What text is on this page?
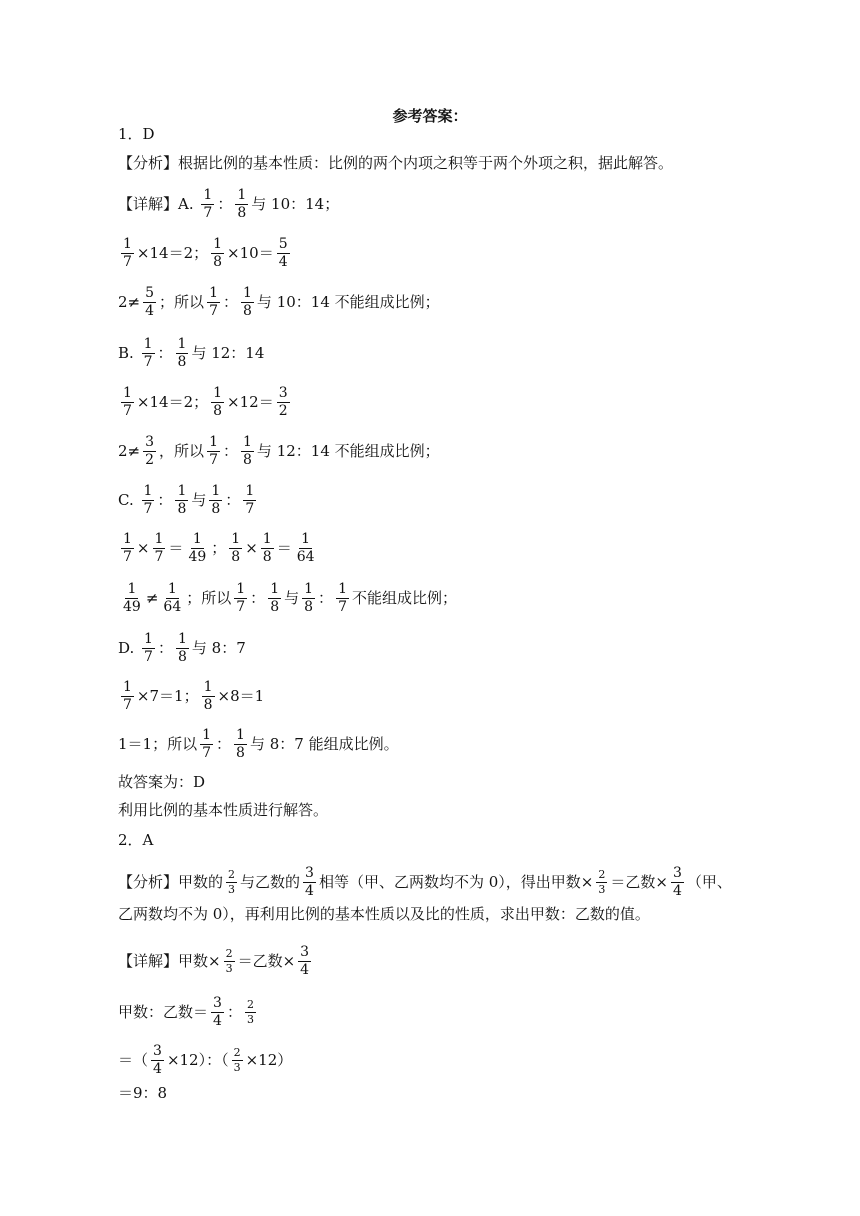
参考答案：
1．D
【分析】 根据比例的基本性质：比例的两个内项之积等于两个外项之积，据此解答。
【详解】 A.
$\frac{1}{7}$ ： $\frac{1}{8}$ 与 10：14；
$\frac{1}{7} \times 14=2$； $\frac{1}{8} \times 10= \frac{5}{4}$
$2\ne \frac{5}{4}$ ；所以 $\frac{1}{7}$ ： $\frac{1}{8}$ 与 10：14 不能组成比例；
B.
$\frac{1}{7}$ ： $\frac{1}{8}$ 与 12：14
$\frac{1}{7} \times 14=2$； $\frac{1}{8} \times 12= \frac{3}{2}$
$2\ne \frac{3}{2}$ ，所以 $\frac{1}{7}$ ： $\frac{1}{8}$ 与 12：14 不能组成比例；
C.
$\frac{1}{7}$ ： $\frac{1}{8}$ 与 $\frac{1}{8}$ ： $\frac{1}{7}$
$\frac{1}{7} \times \frac{1}{7} = \frac{1}{49}$ ； $\frac{1}{8} \times \frac{1}{8} = \frac{1}{64}$
$\frac{1}{49} \ne \frac{1}{64}$ ；所以 $\frac{1}{7}$ ： $\frac{1}{8}$ 与 $\frac{1}{8}$ ： $\frac{1}{7}$ 不能组成比例；
D.
$\frac{1}{7}$ ： $\frac{1}{8}$ 与 8：7
$\frac{1}{7} \times 7=1$； $\frac{1}{8} \times 8=1$
1＝1；所以 $\frac{1}{7}$ ： $\frac{1}{8}$ 与 8：7 能组成比例。
故答案为：D
利用比例的基本性质进行解答。
2．A
【分析】 甲数的 $\frac{2}{3}$ 与乙数的 $\frac{3}{4}$ 相等（甲、乙两数均不为 0），得出甲数× $\frac{2}{3}$ ＝乙数× $\frac{3}{4}$ （甲、
乙两数均不为 0），再利用比例的基本性质以及比的性质，求出甲数：乙数的值。
【详解】 甲数× $\frac{2}{3}$ ＝乙数× $\frac{3}{4}$
甲数：乙数＝ $\frac{3}{4}$ ： $\frac{2}{3}$
＝（ $\frac{3}{4} \times 12$）：（ $\frac{2}{3} \times 12$）
＝9：8
